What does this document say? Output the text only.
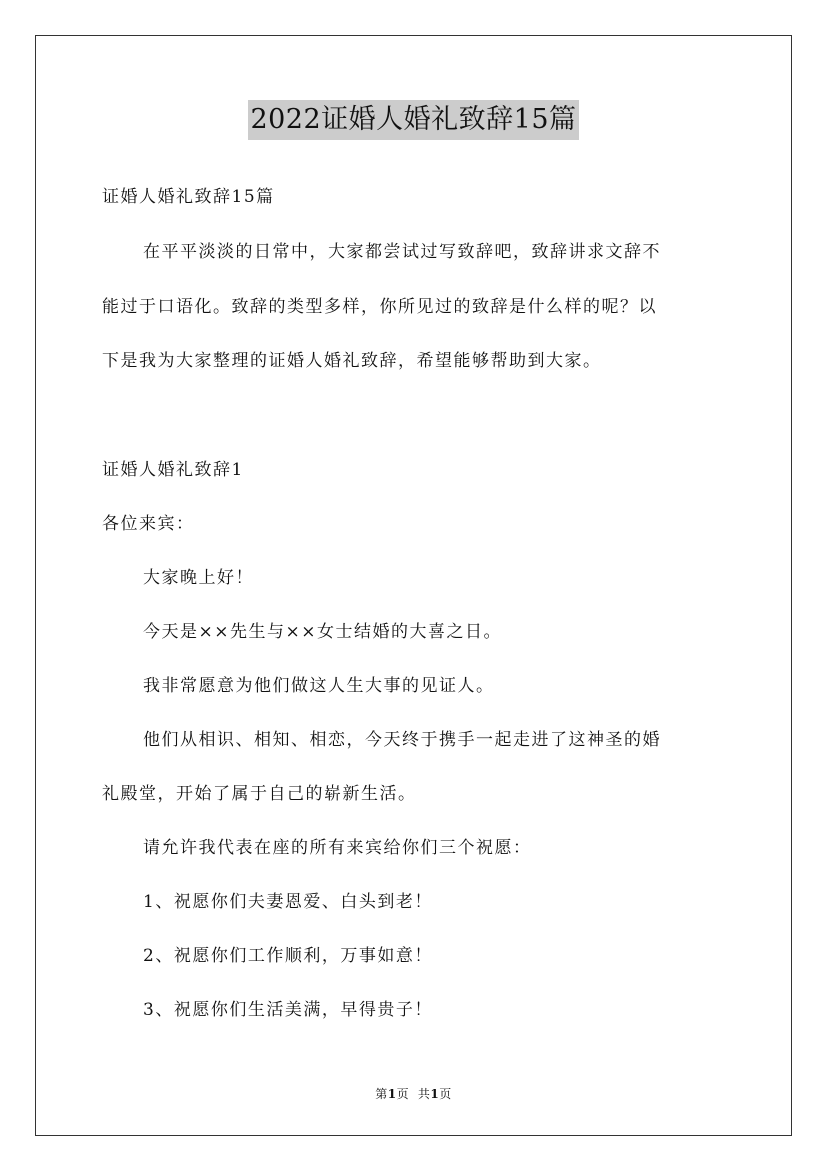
2022证婚人婚礼致辞15篇
证婚人婚礼致辞15篇
在平平淡淡的日常中，大家都尝试过写致辞吧，致辞讲求文辞不
能过于口语化。致辞的类型多样，你所见过的致辞是什么样的呢？以
下是我为大家整理的证婚人婚礼致辞，希望能够帮助到大家。
证婚人婚礼致辞1
各位来宾：
大家晚上好！
今天是××先生与××女士结婚的大喜之日。
我非常愿意为他们做这人生大事的见证人。
他们从相识、相知、相恋，今天终于携手一起走进了这神圣的婚
礼殿堂，开始了属于自己的崭新生活。
请允许我代表在座的所有来宾给你们三个祝愿：
1、祝愿你们夫妻恩爱、白头到老！
2、祝愿你们工作顺利，万事如意！
3、祝愿你们生活美满，早得贵子！
第1页 共1页
